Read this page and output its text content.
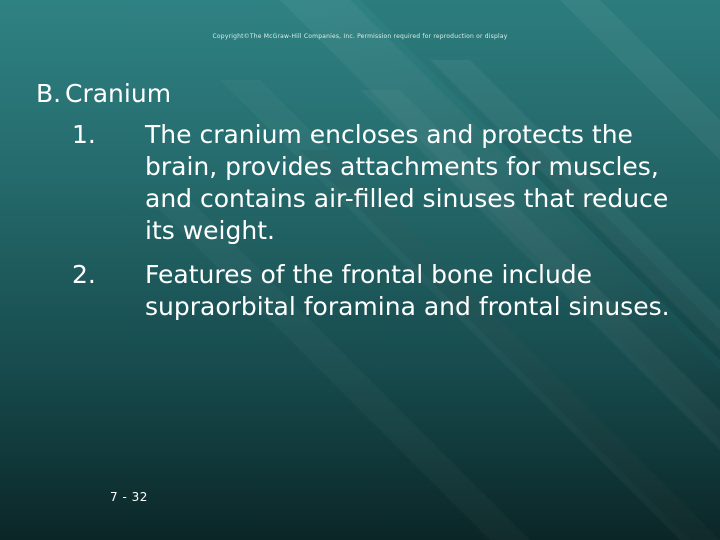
Copyright©The McGraw-Hill Companies, Inc. Permission required for reproduction or display
B. Cranium
1.	The cranium encloses and protects the
brain, provides attachments for muscles,
and contains air-filled sinuses that reduce
its weight.
2.	Features of the frontal bone include
supraorbital foramina and frontal sinuses.
7 - 32
